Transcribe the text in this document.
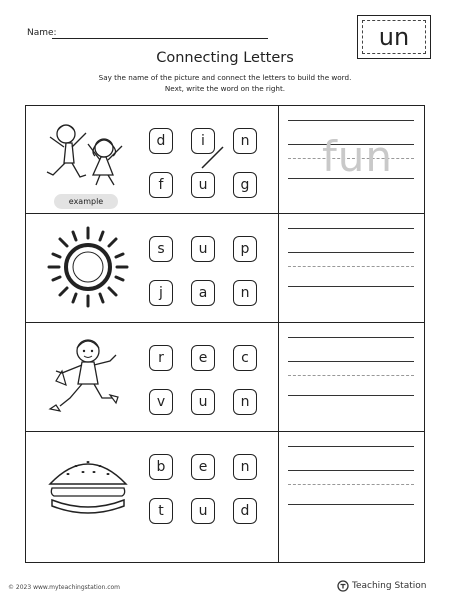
Name:	un
Connecting Letters
Say the name of the picture and connect the letters to build the word.
Next, write the word on the right.
example
d	i	n
f	u	g
fun
s	u	p
j	a	n
r	e	c
v	u	n
b	e	n
t	u	d
© 2023 www.myteachingstation.com	Teaching Station
